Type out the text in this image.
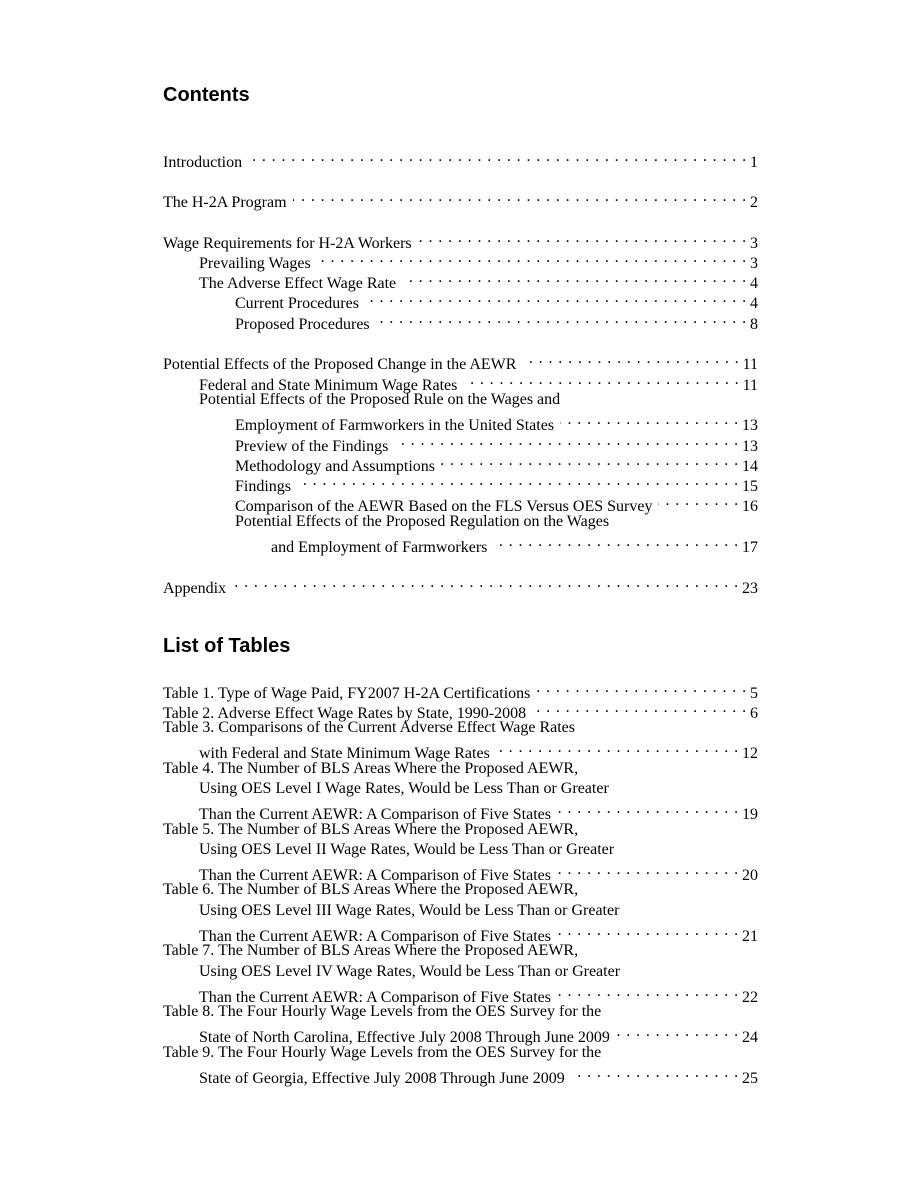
Contents
Introduction . . .	1
The H-2A Program . . .	2
Wage Requirements for H-2A Workers . . .	3
Prevailing Wages . . .	3
The Adverse Effect Wage Rate . . .	4
Current Procedures . . .	4
Proposed Procedures . . .	8
Potential Effects of the Proposed Change in the AEWR . . .	11
Federal and State Minimum Wage Rates . . .	11
Potential Effects of the Proposed Rule on the Wages and
Employment of Farmworkers in the United States . . .	13
Preview of the Findings . . .	13
Methodology and Assumptions . . .	14
Findings . . .	15
Comparison of the AEWR Based on the FLS Versus OES Survey . . .	16
Potential Effects of the Proposed Regulation on the Wages
and Employment of Farmworkers . . .	17
Appendix . . .	23
List of Tables
Table 1. Type of Wage Paid, FY2007 H-2A Certifications . . .	5
Table 2. Adverse Effect Wage Rates by State, 1990-2008 . . .	6
Table 3. Comparisons of the Current Adverse Effect Wage Rates
with Federal and State Minimum Wage Rates . . .	12
Table 4. The Number of BLS Areas Where the Proposed AEWR,
Using OES Level I Wage Rates, Would be Less Than or Greater
Than the Current AEWR: A Comparison of Five States . . .	19
Table 5. The Number of BLS Areas Where the Proposed AEWR,
Using OES Level II Wage Rates, Would be Less Than or Greater
Than the Current AEWR: A Comparison of Five States . . .	20
Table 6. The Number of BLS Areas Where the Proposed AEWR,
Using OES Level III Wage Rates, Would be Less Than or Greater
Than the Current AEWR: A Comparison of Five States . . .	21
Table 7. The Number of BLS Areas Where the Proposed AEWR,
Using OES Level IV Wage Rates, Would be Less Than or Greater
Than the Current AEWR: A Comparison of Five States . . .	22
Table 8. The Four Hourly Wage Levels from the OES Survey for the
State of North Carolina, Effective July 2008 Through June 2009 . . .	24
Table 9. The Four Hourly Wage Levels from the OES Survey for the
State of Georgia, Effective July 2008 Through June 2009 . . .	25
